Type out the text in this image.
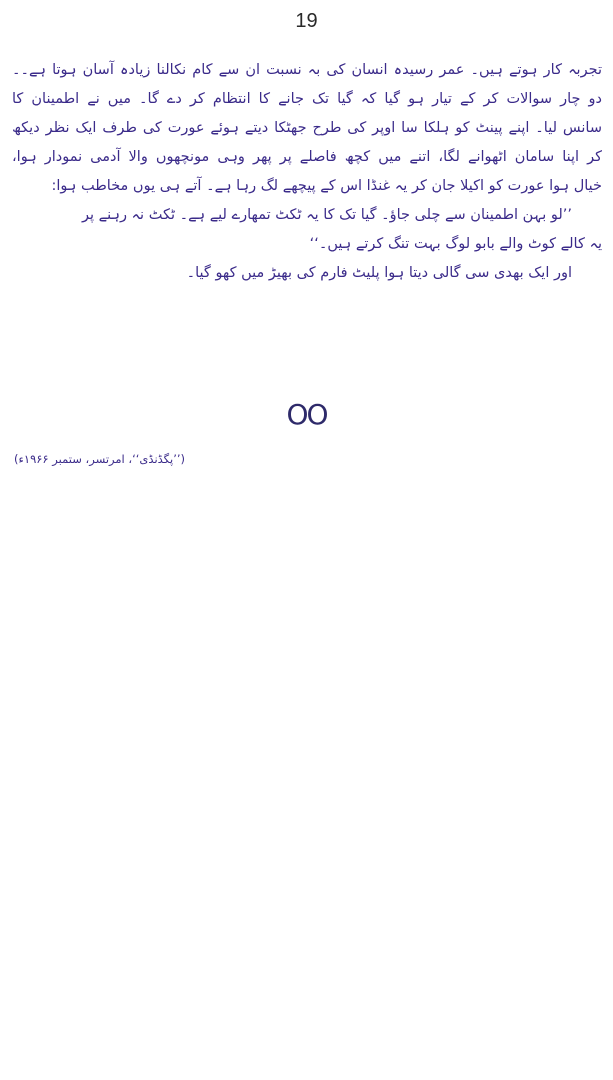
19
تجربہ کار ہوتے ہیں۔ عمر رسیدہ انسان کی بہ نسبت ان سے کام نکالنا زیادہ آسان ہوتا ہے۔۔
دو چار سوالات کر کے تیار ہو گیا کہ گیا تک جانے کا انتظام کر دے گا۔ میں نے اطمینان کا
سانس لیا۔ اپنے پینٹ کو ہلکا سا اوپر کی طرح جھٹکا دیتے ہوئے عورت کی طرف ایک نظر دیکھ
کر اپنا سامان اٹھوانے لگا، اتنے میں کچھ فاصلے پر پھر وہی مونچھوں والا آدمی نمودار ہوا،
خیال ہوا عورت کو اکیلا جان کر یہ غنڈا اس کے پیچھے لگ رہا ہے۔ آتے ہی یوں مخاطب ہوا:
’’لو بہن اطمینان سے چلی جاؤ۔ گیا تک کا یہ ٹکٹ تمھارے لیے ہے۔ ٹکٹ نہ رہنے پر
یہ کالے کوٹ والے بابو لوگ بہت تنگ کرتے ہیں۔‘‘
اور ایک بھدی سی گالی دیتا ہوا پلیٹ فارم کی بھیڑ میں کھو گیا۔
OO
(’’پگڈنڈی‘‘، امرتسر، ستمبر ۱۹۶۶ء)
